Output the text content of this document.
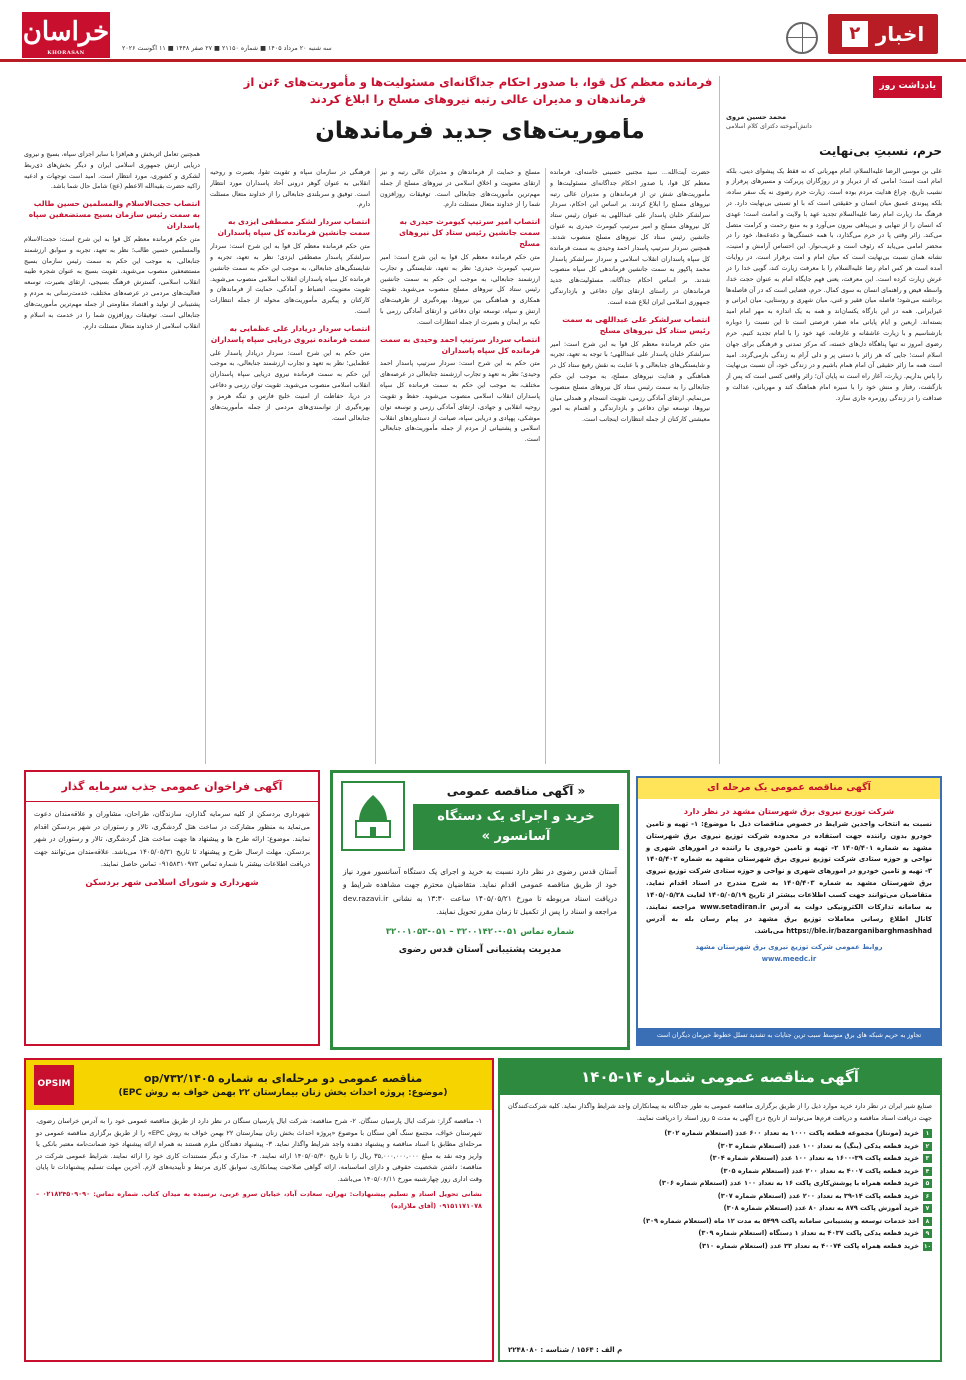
اخبار
۲
خراسان
KHORASAN
سه شنبه ۲۰ مرداد ۱۴۰۵ ■ شماره ۲۱۱۵۰ ■ ۲۷ صفر ۱۴۴۸ ■ ۱۱ اگوست ۲۰۲۶
فرمانده معظم کل قوا، با صدور احکام جداگانه‌ای مسئولیت‌ها و مأموریت‌های ۶تن از فرماندهان و مدیران عالی رتبه نیروهای مسلح را ابلاغ کردند
مأموریت‌های جدید فرماندهان
حضرت آیت‌الله... سید مجتبی حسینی خامنه‌ای، فرمانده معظم کل قوا، با صدور احکام جداگانه‌ای مسئولیت‌ها و مأموریت‌های شش تن از فرماندهان و مدیران عالی رتبه نیروهای مسلح را ابلاغ کردند. بر اساس این احکام، سردار سرلشکر خلبان پاسدار علی عبداللهی به عنوان رئیس ستاد کل نیروهای مسلح و امیر سرتیپ کیومرث حیدری به عنوان جانشین رئیس ستاد کل نیروهای مسلح منصوب شدند. همچنین سردار سرتیپ پاسدار احمد وحیدی به سمت فرمانده کل سپاه پاسداران انقلاب اسلامی و سردار سرلشکر پاسدار محمد پاکپور به سمت جانشین فرماندهی کل سپاه منصوب شدند. بر اساس احکام جداگانه، مسئولیت‌های جدید فرماندهان در راستای ارتقای توان دفاعی و بازدارندگی جمهوری اسلامی ایران ابلاغ شده است.
انتصاب سرلشکر علی عبداللهی به سمت رئیس ستاد کل نیروهای مسلح
متن حکم فرمانده معظم کل قوا به این شرح است: امیر سرلشکر خلبان پاسدار علی عبداللهی؛ با توجه به تعهد، تجربه و شایستگی‌های جنابعالی و با عنایت به نقش رفیع ستاد کل در هماهنگی و هدایت نیروهای مسلح، به موجب این حکم جنابعالی را به سمت رئیس ستاد کل نیروهای مسلح منصوب می‌نمایم. ارتقای آمادگی رزمی، تقویت انسجام و همدلی میان نیروها، توسعه توان دفاعی و بازدارندگی و اهتمام به امور معیشتی کارکنان از جمله انتظارات اینجانب است.
مسلح و حمایت از فرماندهان و مدیران عالی رتبه و نیز ارتقای معنویت و اخلاق اسلامی در نیروهای مسلح از جمله مهم‌ترین مأموریت‌های جنابعالی است. توفیقات روزافزون شما را از خداوند متعال مسئلت دارم.
انتصاب امیر سرتیپ کیومرث حیدری به سمت جانشین رئیس ستاد کل نیروهای مسلح
متن حکم فرمانده معظم کل قوا به این شرح است: امیر سرتیپ کیومرث حیدری؛ نظر به تعهد، شایستگی و تجارب ارزشمند جنابعالی، به موجب این حکم به سمت جانشین رئیس ستاد کل نیروهای مسلح منصوب می‌شوید. تقویت همکاری و هماهنگی بین نیروها، بهره‌گیری از ظرفیت‌های ارتش و سپاه، توسعه توان دفاعی و ارتقای آمادگی رزمی با تکیه بر ایمان و بصیرت از جمله انتظارات است.
انتصاب سردار سرتیپ احمد وحیدی به سمت فرمانده کل سپاه پاسداران
متن حکم به این شرح است: سردار سرتیپ پاسدار احمد وحیدی؛ نظر به تعهد و تجارب ارزشمند جنابعالی در عرصه‌های مختلف، به موجب این حکم به سمت فرمانده کل سپاه پاسداران انقلاب اسلامی منصوب می‌شوید. حفظ و تقویت روحیه انقلابی و جهادی، ارتقای آمادگی رزمی و توسعه توان موشکی، پهپادی و دریایی سپاه، صیانت از دستاوردهای انقلاب اسلامی و پشتیبانی از مردم از جمله مأموریت‌های جنابعالی است.
فرهنگی در سازمان سپاه و تقویت تقوا، بصیرت و روحیه انقلابی به عنوان گوهر درونی آحاد پاسداران مورد انتظار است. توفیق و سربلندی جنابعالی را از خداوند متعال مسئلت دارم.
انتصاب سردار لشکر مصطفی ایزدی به سمت جانشین فرمانده کل سپاه پاسداران
متن حکم فرمانده معظم کل قوا به این شرح است: سردار سرلشکر پاسدار مصطفی ایزدی؛ نظر به تعهد، تجربه و شایستگی‌های جنابعالی، به موجب این حکم به سمت جانشین فرمانده کل سپاه پاسداران انقلاب اسلامی منصوب می‌شوید. تقویت معنویت، انضباط و آمادگی، حمایت از فرماندهان و کارکنان و پیگیری مأموریت‌های محوله از جمله انتظارات است.
انتصاب سردار دریادار علی عظمایی به سمت فرمانده نیروی دریایی سپاه پاسداران
متن حکم به این شرح است: سردار دریادار پاسدار علی عظمایی؛ نظر به تعهد و تجارب ارزشمند جنابعالی، به موجب این حکم به سمت فرمانده نیروی دریایی سپاه پاسداران انقلاب اسلامی منصوب می‌شوید. تقویت توان رزمی و دفاعی در دریا، حفاظت از امنیت خلیج فارس و تنگه هرمز و بهره‌گیری از توانمندی‌های مردمی از جمله مأموریت‌های جنابعالی است.
همچنین تعامل اثربخش و هم‌افزا با سایر اجزای سپاه، بسیج و نیروی دریایی ارتش جمهوری اسلامی ایران و دیگر بخش‌های ذی‌ربط لشکری و کشوری، مورد انتظار است. امید است توجهات و ادعیه زاکیه حضرت بقیه‌الله الاعظم (عج) شامل حال شما باشد.
انتصاب حجت‌الاسلام والمسلمین حسین طالب به سمت رئیس سازمان بسیج مستضعفین سپاه پاسداران
متن حکم فرمانده معظم کل قوا به این شرح است: حجت‌الاسلام والمسلمین حسین طالب؛ نظر به تعهد، تجربه و سوابق ارزشمند جنابعالی، به موجب این حکم به سمت رئیس سازمان بسیج مستضعفین منصوب می‌شوید. تقویت بسیج به عنوان شجره طیبه انقلاب اسلامی، گسترش فرهنگ بسیجی، ارتقای بصیرت، توسعه فعالیت‌های مردمی در عرصه‌های مختلف، خدمت‌رسانی به مردم و پشتیبانی از تولید و اقتصاد مقاومتی از جمله مهم‌ترین مأموریت‌های جنابعالی است. توفیقات روزافزون شما را در خدمت به اسلام و انقلاب اسلامی از خداوند متعال مسئلت دارم.
یادداشت روز
محمد حسین مروی
دانش‌آموخته دکترای کلام اسلامی
حرم، نسبتِ بی‌نهایت
علی بن موسی الرضا علیه‌السلام، امام مهربانی که نه فقط یک پیشوای دینی، بلکه امام امت است؛ امامی که از دیرباز و در روزگاران پربرکت و مسیرهای پرفراز و نشیب تاریخ، چراغ هدایت مردم بوده است. زیارت حرم رضوی نه یک سفر ساده، بلکه پیوندی عمیق میان انسان و حقیقتی است که با او نسبتی بی‌نهایت دارد. در فرهنگ ما، زیارت امام رضا علیه‌السلام تجدید عهد با ولایت و امامت است؛ عهدی که انسان را از تنهایی و بی‌پناهی بیرون می‌آورد و به منبع رحمت و کرامت متصل می‌کند. زائر وقتی پا در حرم می‌گذارد، با همه خستگی‌ها و دغدغه‌ها، خود را در محضر امامی می‌یابد که رئوف است و غریب‌نواز. این احساس آرامش و امنیت، نشانه همان نسبت بی‌نهایت است که میان امام و امت برقرار است. در روایات آمده است هر کس امام رضا علیه‌السلام را با معرفت زیارت کند، گویی خدا را در عرش زیارت کرده است. این معرفت، یعنی فهم جایگاه امام به عنوان حجت خدا، واسطه فیض و راهنمای انسان به سوی کمال. حرم، فضایی است که در آن فاصله‌ها برداشته می‌شود؛ فاصله میان فقیر و غنی، میان شهری و روستایی، میان ایرانی و غیرایرانی. همه در این بارگاه یکسان‌اند و همه به یک اندازه به مهر امام امید بسته‌اند. اربعین و ایام پایانی ماه صفر، فرصتی است تا این نسبت را دوباره بازشناسیم و با زیارت عاشقانه و عارفانه، عهد خود را با امام تجدید کنیم. حرم رضوی امروز نه تنها پناهگاه دل‌های خسته، که مرکز تمدنی و فرهنگی برای جهان اسلام است؛ جایی که هر زائر با دستی پر و دلی آرام به زندگی بازمی‌گردد. امید است همه ما زائر حقیقی آن امام همام باشیم و در زندگی خود، آن نسبت بی‌نهایت را پاس بداریم. زیارت، آغاز راه است نه پایان آن؛ زائر واقعی کسی است که پس از بازگشت، رفتار و منش خود را با سیره امام هماهنگ کند و مهربانی، عدالت و صداقت را در زندگی روزمره جاری سازد.
آگهی مناقصه عمومی یک مرحله ای
شرکت توزیع نیروی برق شهرستان مشهد در نظر دارد
نسبت به انتخاب واجدین شرایط در خصوص مناقصات ذیل با موضوع: ۱- تهیه و تامین خودرو بدون راننده جهت استفاده در محدوده شرکت توزیع نیروی برق شهرستان مشهد به شماره ۱۴۰۵/۴۰۱ ۲- تهیه و تامین خودروی با راننده در امورهای شهری و نواحی و حوزه ستادی شرکت توزیع نیروی برق شهرستان مشهد به شماره ۱۴۰۵/۴۰۲ ۳- تهیه و تامین خودرو در امورهای شهری و نواحی و حوزه ستادی شرکت توزیع نیروی برق شهرستان مشهد به شماره ۱۴۰۵/۴۰۳ به شرح مندرج در اسناد اقدام نماید. متقاضیان می‌توانند جهت کسب اطلاعات بیشتر از تاریخ ۱۴۰۵/۰۵/۱۹ لغایت ۱۴۰۵/۰۵/۲۸ به سامانه تدارکات الکترونیکی دولت به آدرس www.setadiran.ir مراجعه نمایند. کانال اطلاع رسانی معاملات توزیع برق مشهد در پیام رسان بله به آدرس https://ble.ir/bazarganibarghmashhad می‌باشد.
روابط عمومی شرکت توزیع نیروی برق شهرستان مشهد
www.meedc.ir
تجاوز به حریم شبکه های برق متوسط سبب ترین جنایات به تشدید تسلل خطوط حیرمان دیگران است
« آگهی مناقصه عمومی
خرید و اجرای یک دستگاه آسانسور »
آستان قدس رضوی در نظر دارد نسبت به خرید و اجرای یک دستگاه آسانسور مورد نیاز خود از طریق مناقصه عمومی اقدام نماید. متقاضیان محترم جهت مشاهده شرایط و دریافت اسناد مربوطه تا مورخ ۱۴۰۵/۰۵/۲۱ ساعت ۱۳:۳۰ به نشانی dev.razavi.ir مراجعه و اسناد را پس از تکمیل تا زمان مقرر تحویل نمایند.
شماره تماس ۰۵۱-۳۲۰۰۱۴۲۰ – ۰۵۱-۳۲۰۰۱۰۵۳
مدیریت پشتیبانی آستان قدس رضوی
آگهی فراخوان عمومی جذب سرمایه گذار
شهرداری بردسکن از کلیه سرمایه گذاران، سازندگان، طراحان، مشاوران و علاقه‌مندان دعوت می‌نماید به منظور مشارکت در ساخت هتل گردشگری، تالار و رستوران در شهر بردسکن اقدام نمایند. موضوع: ارائه طرح ها و پیشنهاد ها جهت ساخت هتل گردشگری، تالار و رستوران در شهر بردسکن. مهلت ارسال طرح و پیشنهاد تا تاریخ ۱۴۰۵/۰۵/۳۱ می‌باشد. علاقه‌مندان می‌توانند جهت دریافت اطلاعات بیشتر با شماره تماس ۰۹۱۵۸۳۱۰۹۷۲ تماس حاصل نمایند.
شهرداری و شورای اسلامی شهر بردسکن
آگهی مناقصه عمومی شماره ۱۴-۱۴۰۵
صنایع شیر ایران در نظر دارد خرید موارد ذیل را از طریق برگزاری مناقصه عمومی به طور جداگانه به پیمانکاران واجد شرایط واگذار نماید. کلیه شرکت‌کنندگان جهت دریافت اسناد مناقصه و دریافت فرم‌ها می‌توانند از تاریخ درج آگهی به مدت ۵ روز اسناد را دریافت نمایند.
۱
خرید (مونتاژ) مجموعه قطعه پاکت ۱۰۰۰ به تعداد ۶۰۰ عدد (استعلام شماره ۳۰۲)
۲
خرید قطعه یدکی (ینگ) به تعداد ۱۰۰ عدد (استعلام شماره ۳۰۳)
۳
خرید قطعه پاکت ۳۹-۱۶۰۰ به تعداد ۱۰۰ عدد (استعلام شماره ۳۰۴)
۴
خرید قطعه پاکت ۴۰۰۷ به تعداد ۲۰۰ عدد (استعلام شماره ۳۰۵)
۵
خرید قطعه همراه با پوشش‌کاری پاکت ۱۶ به تعداد ۱۰۰ عدد (استعلام شماره ۳۰۶)
۶
خرید قطعه پاکت ۱۴-۳۹ به تعداد ۲۰۰ عدد (استعلام شماره ۳۰۷)
۷
خرید آموزش پاکت ۸۷۹ به تعداد ۸۰ عدد (استعلام شماره ۳۰۸)
۸
اخذ خدمات توسعه و پشتیبانی سامانه پاکت ۵۴۹۹ به مدت ۱۲ ماه (استعلام شماره ۳۰۹)
۹
خرید قطعه یدکی پاکت ۴۰۳۷ به تعداد ۱ دستگاه (استعلام شماره ۳۰۹)
۱۰
خرید قطعه همراه پاکت ۴۰۰۷۴ به تعداد ۳۳ عدد (استعلام شماره ۳۱۰)
م الف : ۱۵۶۴ / شناسه : ۲۲۴۸۰۸۰
مناقصه عمومی دو مرحله‌ای به شماره ۱۴۰۵/op/۷۳۲
(موضوع: پروژه احداث بخش زنان بیمارستان ۲۲ بهمن خواف به روش EPC)
OPSIM
۱- مناقصه گزار: شرکت ایال پارسیان سنگان. ۲- شرح مناقصه: شرکت ایال پارسیان سنگان در نظر دارد از طریق مناقصه عمومی خود را به آدرس خراسان رضوی، شهرستان خواف، مجتمع سنگ آهن سنگان با موضوع «پروژه احداث بخش زنان بیمارستان ۲۲ بهمن خواف به روش EPC» را از طریق برگزاری مناقصه عمومی دو مرحله‌ای مطابق با اسناد مناقصه و پیشنهاد دهنده واجد شرایط واگذار نماید. ۳- پیشنهاد دهندگان ملزم هستند به همراه ارائه پیشنهاد خود ضمانت‌نامه معتبر بانکی یا واریز وجه نقد به مبلغ ۳۵,۰۰۰,۰۰۰,۰۰۰ ریال را تا تاریخ ۱۴۰۵/۰۵/۳۰ ارائه نمایند. ۴- مدارک و دیگر مستندات کاری خود را ارائه نمایند. شرایط عمومی شرکت در مناقصه: داشتن شخصیت حقوقی و دارای اساسنامه، ارائه گواهی صلاحیت پیمانکاری، سوابق کاری مرتبط و تأییدیه‌های لازم. آخرین مهلت تسلیم پیشنهادات تا پایان وقت اداری روز چهارشنبه مورخ ۱۴۰۵/۰۶/۱۱ می‌باشد.
نشانی تحویل اسناد و تسلیم پیشنهادات: تهران، سعادت آباد، خیابان سرو غربی، نرسیده به میدان کتاب. شماره تماس: ۰۲۱۸۲۴۵۰۹۰۹۰ – ۰۹۱۵۱۱۷۱۰۷۸ (آقای ملازاده)
